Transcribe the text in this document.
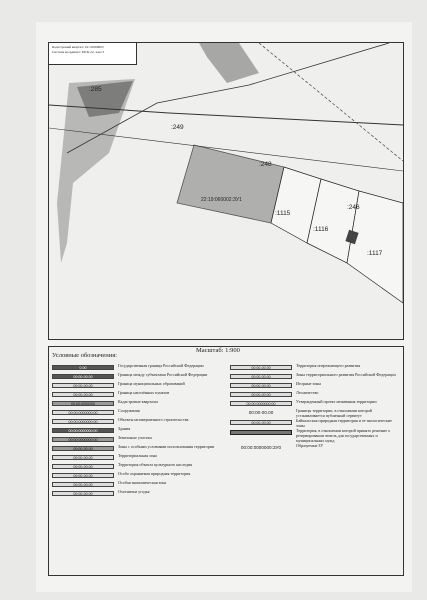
:285
:249
:248
22:19:060002:ЗУ1
:1115
:1116
:1117
:246
Кадастровый квартал: 22:19:060002
Система координат: МСК-22, зона 3
Масштаб: 1:900
Условные обозначения:
0.00	Государственная граница Российской Федерации
00:00-00.00	Граница между субъектами Российской Федерации
00:00-00.00	Граница муниципальных образований
00:00-00.00	Граница населённых пунктов
00:00:0000000	Кадастровые кварталы
00:00:0000000:00	Сооружения
00:00:0000000:00	Объекты незавершенного строительства
00:00:0000000:00	Здания
00:00:0000000:00	Земельные участки
00:00-00.00	Зоны с особыми условиями использования территории
00:00-00.00	Территориальная зона
00:00-00.00	Территория объекта культурного наследия
00:00-00.00	Особо охраняемая природная территория
00:00-00.00	Особая экономическая зона
00:00-00.00	Охотничьи угодья
00:00-00.00	Территория опережающего развития
00:00-00.00	Зоны территориального развития Российской Федерации
00:00-00.00	Игорные зоны
00:00-00.00	Лесничество
00:00:0000000:00	Утвержденный проект межевания территории
00:00-00.00	Границы территории, в отношении которой устанавливается публичный сервитут
00:00-00.00	Байкальская природная территория и ее экологические зоны
Территория, в отношении которой принято решение о резервировании земель для государственных и муниципальных нужд
00:00:0000000:ЗУ0	Образуемые ЗУ
